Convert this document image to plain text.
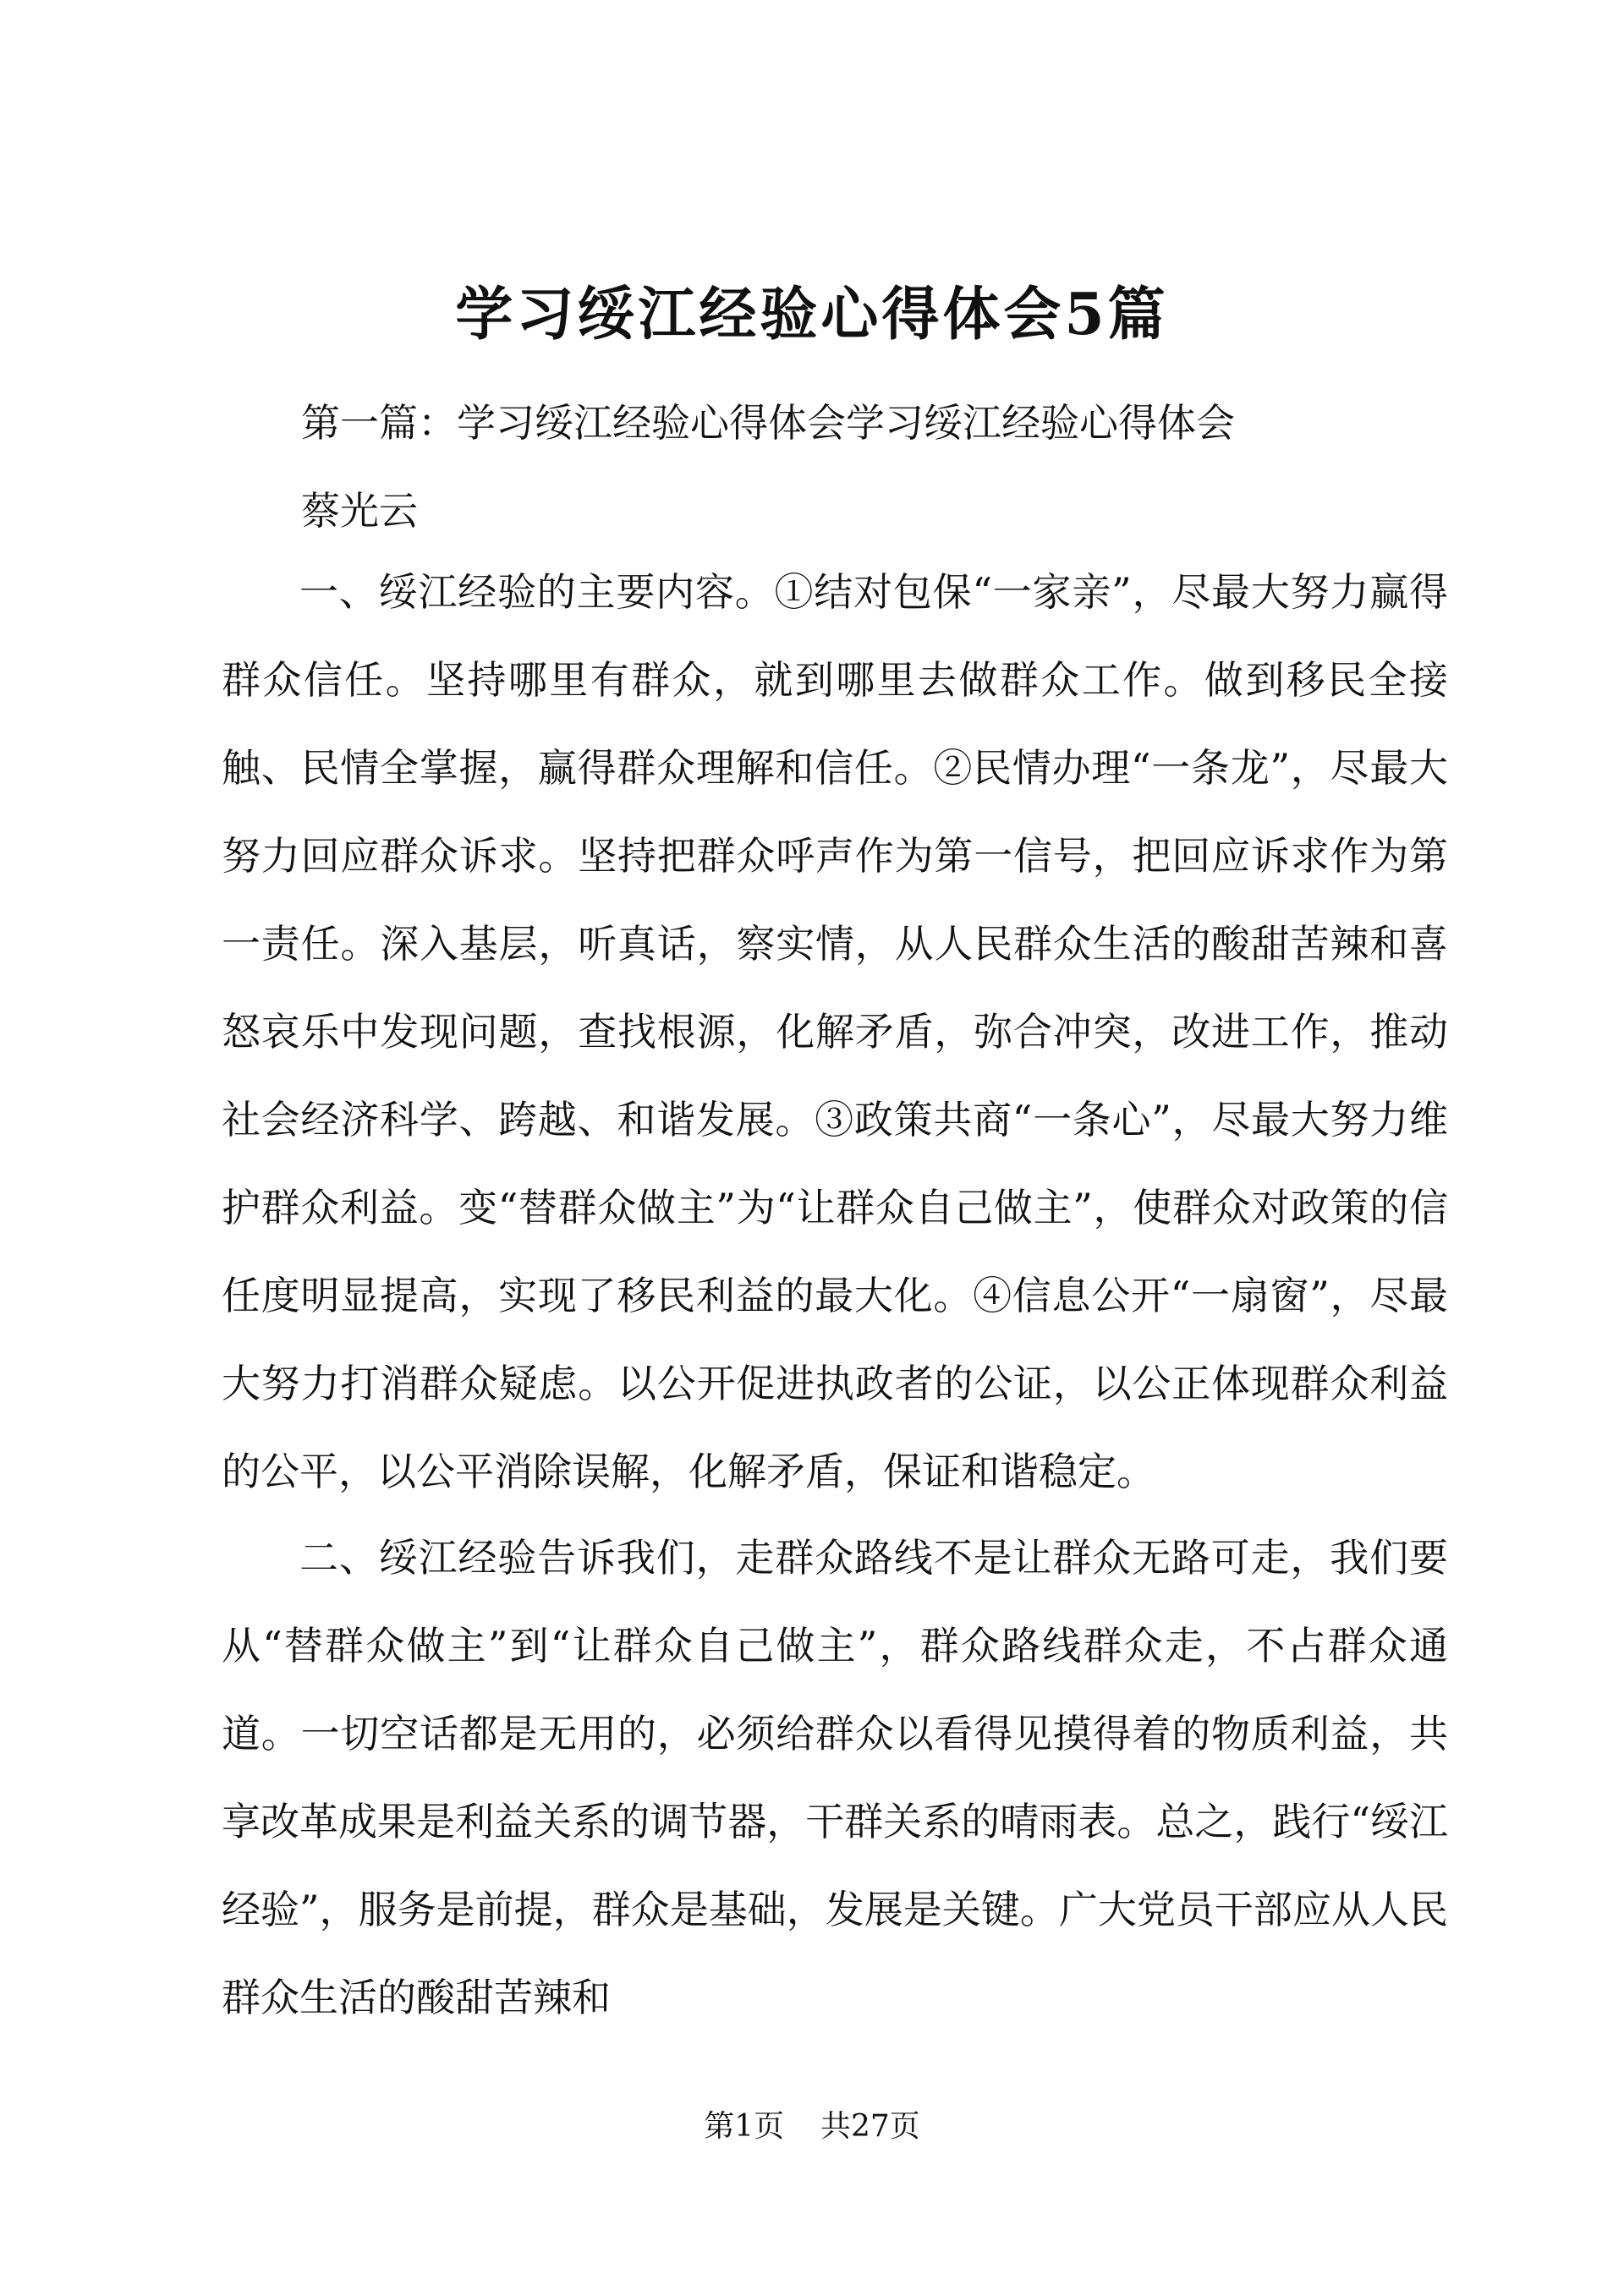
学习绥江经验心得体会5篇
第一篇：学习绥江经验心得体会学习绥江经验心得体会
蔡光云

一、绥江经验的主要内容。①结对包保“一家亲”，尽最大努力赢得群众信任。坚持哪里有群众，就到哪里去做群众工作。做到移民全接触、民情全掌握，赢得群众理解和信任。②民情办理“一条龙”，尽最大努力回应群众诉求。坚持把群众呼声作为第一信号，把回应诉求作为第一责任。深入基层，听真话，察实情，从人民群众生活的酸甜苦辣和喜怒哀乐中发现问题，查找根源，化解矛盾，弥合冲突，改进工作，推动社会经济科学、跨越、和谐发展。③政策共商“一条心”，尽最大努力维护群众利益。变“替群众做主”为“让群众自己做主”，使群众对政策的信任度明显提高，实现了移民利益的最大化。④信息公开“一扇窗”，尽最大努力打消群众疑虑。以公开促进执政者的公证，以公正体现群众利益的公平，以公平消除误解，化解矛盾，保证和谐稳定。

二、绥江经验告诉我们，走群众路线不是让群众无路可走，我们要从“替群众做主”到“让群众自己做主”，群众路线群众走，不占群众通道。一切空话都是无用的，必须给群众以看得见摸得着的物质利益，共享改革成果是利益关系的调节器，干群关系的晴雨表。总之，践行“绥江经验”，服务是前提，群众是基础，发展是关键。广大党员干部应从人民群众生活的酸甜苦辣和

第1页 共27页
